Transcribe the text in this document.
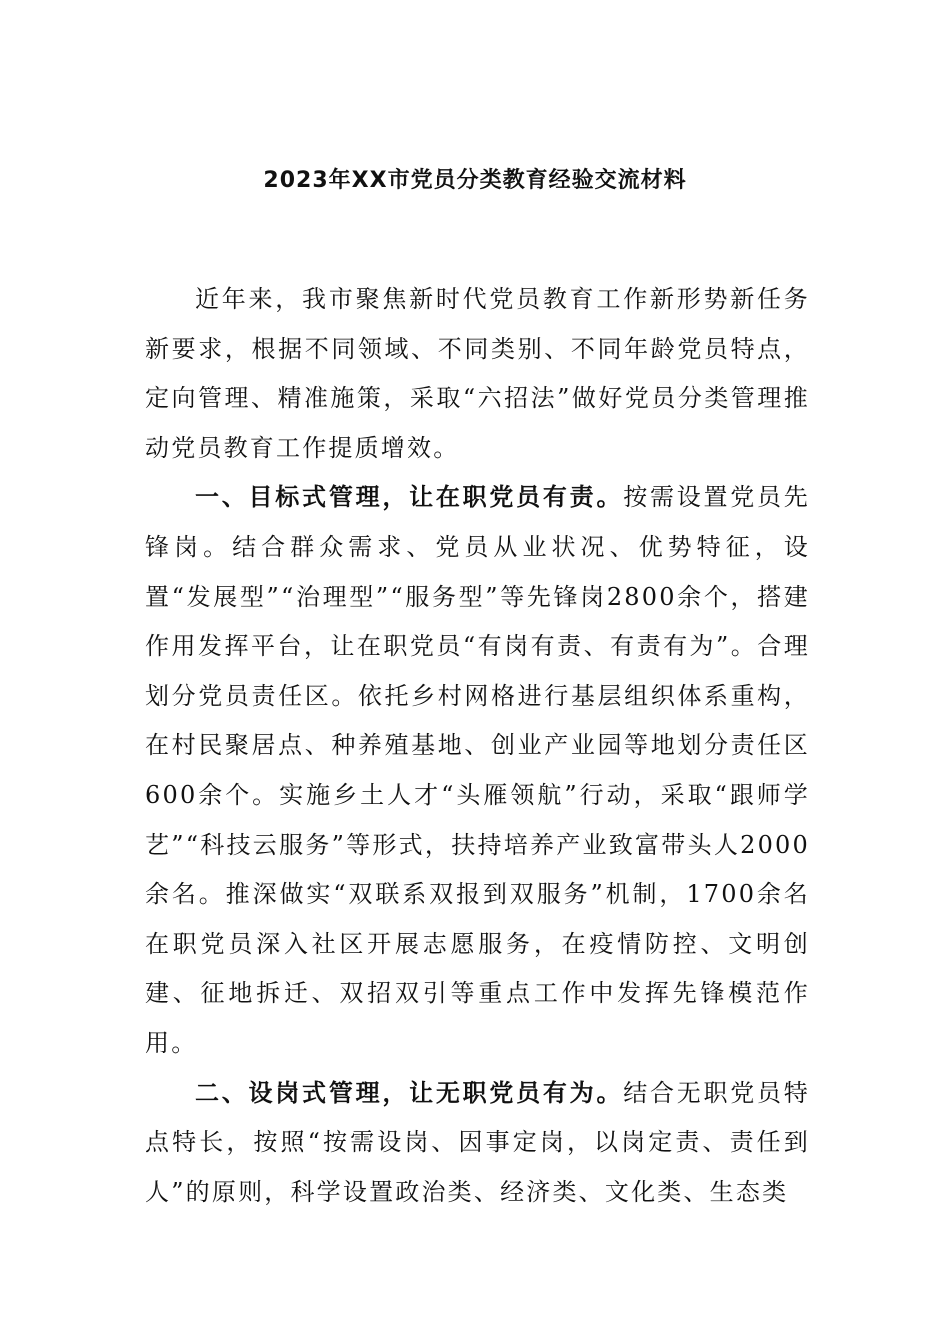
2023年XX市党员分类教育经验交流材料

近年来，我市聚焦新时代党员教育工作新形势新任务新要求，根据不同领域、不同类别、不同年龄党员特点，定向管理、精准施策，采取“六招法”做好党员分类管理推动党员教育工作提质增效。

一、目标式管理，让在职党员有责。按需设置党员先锋岗。结合群众需求、党员从业状况、优势特征，设置“发展型”“治理型”“服务型”等先锋岗2800余个，搭建作用发挥平台，让在职党员“有岗有责、有责有为”。合理划分党员责任区。依托乡村网格进行基层组织体系重构，在村民聚居点、种养殖基地、创业产业园等地划分责任区600余个。实施乡土人才“头雁领航”行动，采取“跟师学艺”“科技云服务”等形式，扶持培养产业致富带头人2000余名。推深做实“双联系双报到双服务”机制，1700余名在职党员深入社区开展志愿服务，在疫情防控、文明创建、征地拆迁、双招双引等重点工作中发挥先锋模范作用。

二、设岗式管理，让无职党员有为。结合无职党员特点特长，按照“按需设岗、因事定岗，以岗定责、责任到人”的原则，科学设置政治类、经济类、文化类、生态类
